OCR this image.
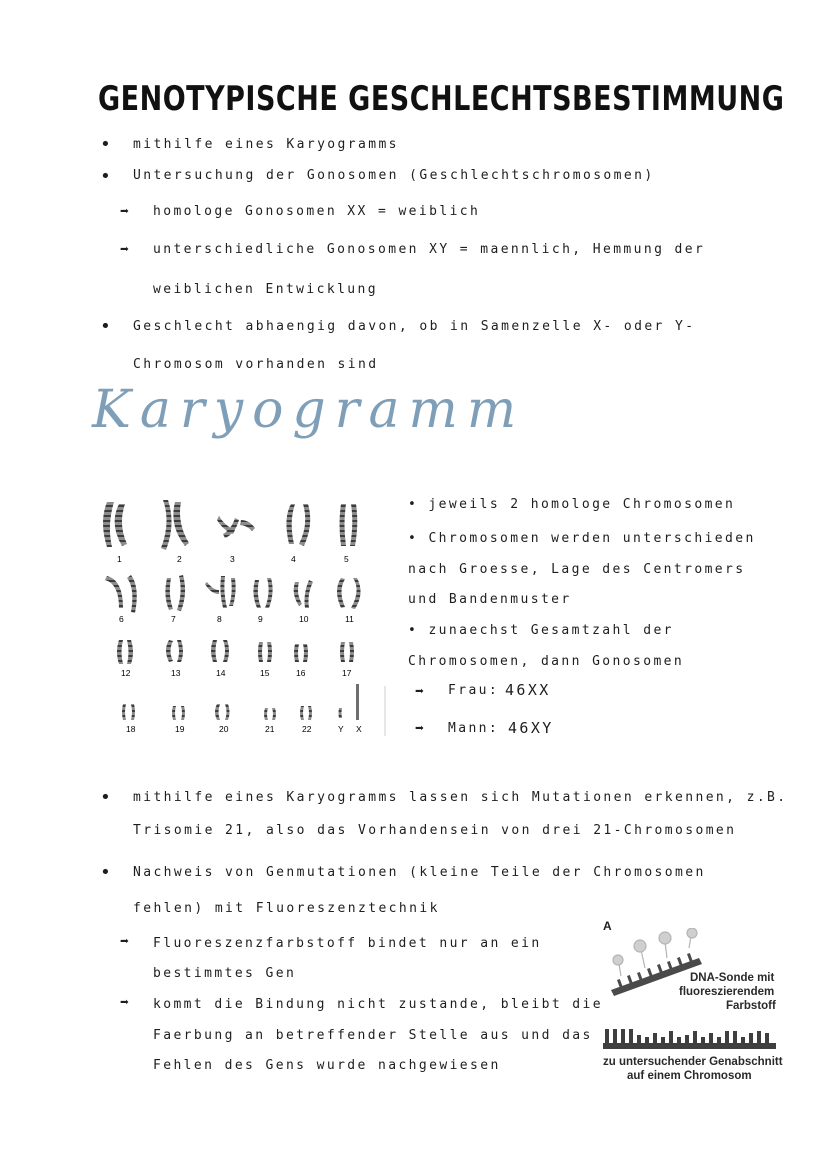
GENOTYPISCHE GESCHLECHTSBESTIMMUNG
• mithilfe eines Karyogramms
• Untersuchung der Gonosomen (Geschlechtschromosomen)
➡ homologe Gonosomen XX = weiblich
➡ unterschiedliche Gonosomen XY = maennlich, Hemmung der
weiblichen Entwicklung
• Geschlecht abhaengig davon, ob in Samenzelle X- oder Y-
Chromosom vorhanden sind
Karyogramm
1	2	3	4	5
6	7	8	9	10	11
12	13	14	15	16	17
18	19	20	21	22	Y X
• jeweils 2 homologe Chromosomen
• Chromosomen werden unterschieden
nach Groesse, Lage des Centromers
und Bandenmuster
• zunaechst Gesamtzahl der
Chromosomen, dann Gonosomen
➡ Frau: 46XX
➡ Mann: 46XY
• mithilfe eines Karyogramms lassen sich Mutationen erkennen, z.B.
Trisomie 21, also das Vorhandensein von drei 21-Chromosomen
• Nachweis von Genmutationen (kleine Teile der Chromosomen
fehlen) mit Fluoreszenztechnik
➡ Fluoreszenzfarbstoff bindet nur an ein
bestimmtes Gen
➡ kommt die Bindung nicht zustande, bleibt die
Faerbung an betreffender Stelle aus und das
Fehlen des Gens wurde nachgewiesen
A
DNA-Sonde mit
fluoreszierendem
Farbstoff
zu untersuchender Genabschnitt
auf einem Chromosom
